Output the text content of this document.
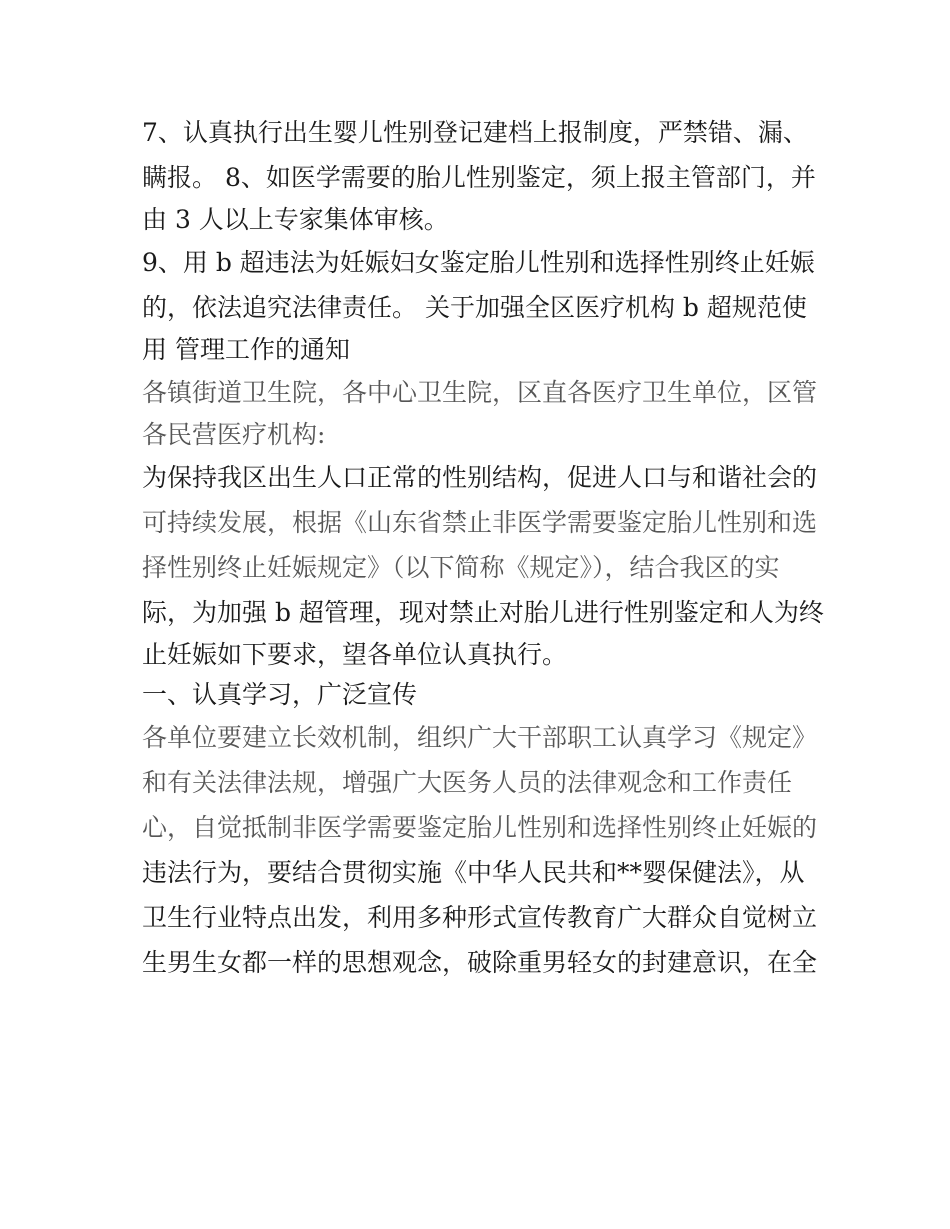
7、认真执行出生婴儿性别登记建档上报制度，严禁错、漏、
瞒报。 8、如医学需要的胎儿性别鉴定，须上报主管部门，并
由 3 人以上专家集体审核。
9、用 b 超违法为妊娠妇女鉴定胎儿性别和选择性别终止妊娠
的，依法追究法律责任。 关于加强全区医疗机构 b 超规范使
用 管理工作的通知
各镇街道卫生院，各中心卫生院，区直各医疗卫生单位，区管
各民营医疗机构:
为保持我区出生人口正常的性别结构，促进人口与和谐社会的
可持续发展，根据《山东省禁止非医学需要鉴定胎儿性别和选
择性别终止妊娠规定》（以下简称《规定》），结合我区的实
际，为加强 b 超管理，现对禁止对胎儿进行性别鉴定和人为终
止妊娠如下要求，望各单位认真执行。
一、认真学习，广泛宣传
各单位要建立长效机制，组织广大干部职工认真学习《规定》
和有关法律法规，增强广大医务人员的法律观念和工作责任
心，自觉抵制非医学需要鉴定胎儿性别和选择性别终止妊娠的
违法行为，要结合贯彻实施《中华人民共和**婴保健法》，从
卫生行业特点出发，利用多种形式宣传教育广大群众自觉树立
生男生女都一样的思想观念，破除重男轻女的封建意识，在全
